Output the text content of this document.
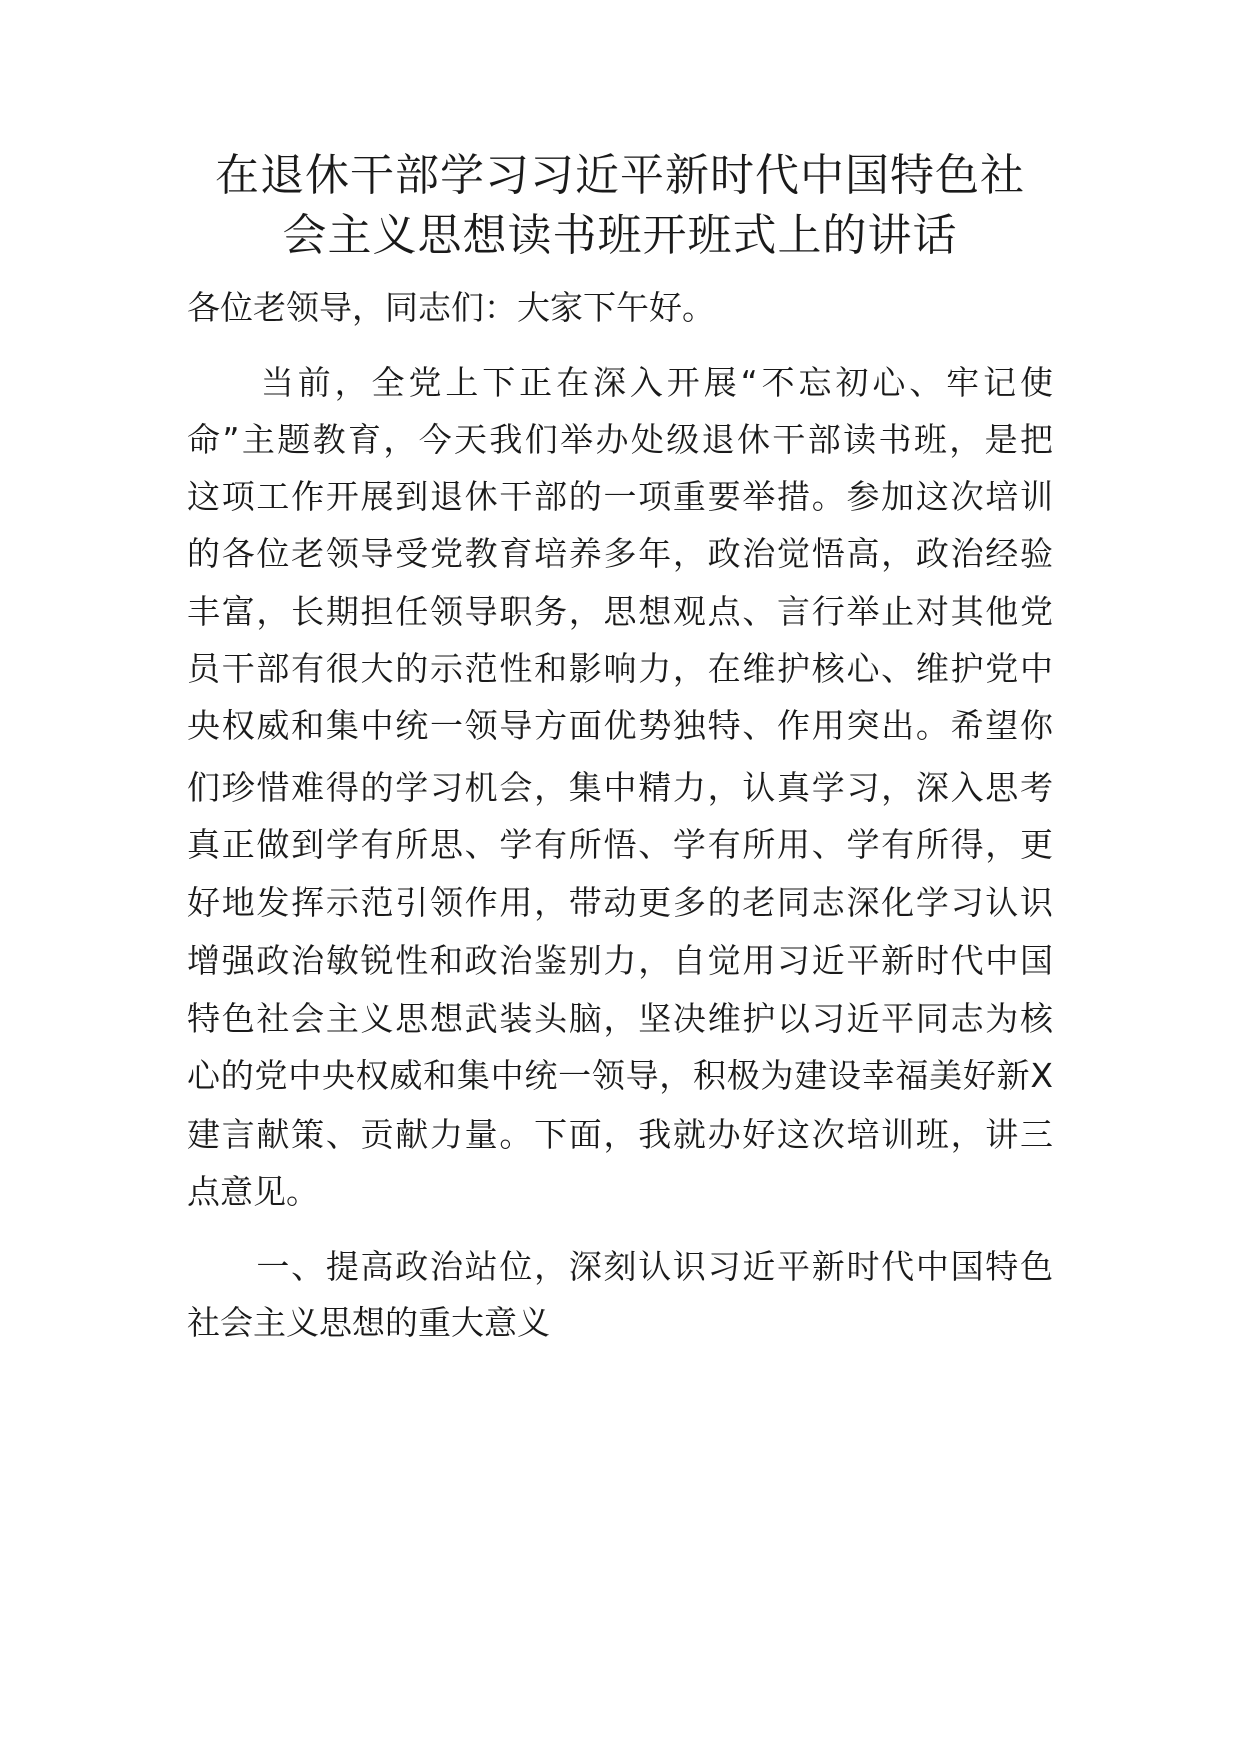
在退休干部学习习近平新时代中国特色社
会主义思想读书班开班式上的讲话
各位老领导，同志们：大家下午好。
　　当前，全党上下正在深入开展“不忘初心、牢记使
命”主题教育，今天我们举办处级退休干部读书班，是把
这项工作开展到退休干部的一项重要举措。参加这次培训
的各位老领导受党教育培养多年，政治觉悟高，政治经验
丰富，长期担任领导职务，思想观点、言行举止对其他党
员干部有很大的示范性和影响力，在维护核心、维护党中
央权威和集中统一领导方面优势独特、作用突出。希望你
们珍惜难得的学习机会，集中精力，认真学习，深入思考
真正做到学有所思、学有所悟、学有所用、学有所得，更
好地发挥示范引领作用，带动更多的老同志深化学习认识
增强政治敏锐性和政治鉴别力，自觉用习近平新时代中国
特色社会主义思想武装头脑，坚决维护以习近平同志为核
心的党中央权威和集中统一领导，积极为建设幸福美好新X
建言献策、贡献力量。下面，我就办好这次培训班，讲三
点意见。
　　一、提高政治站位，深刻认识习近平新时代中国特色
社会主义思想的重大意义
